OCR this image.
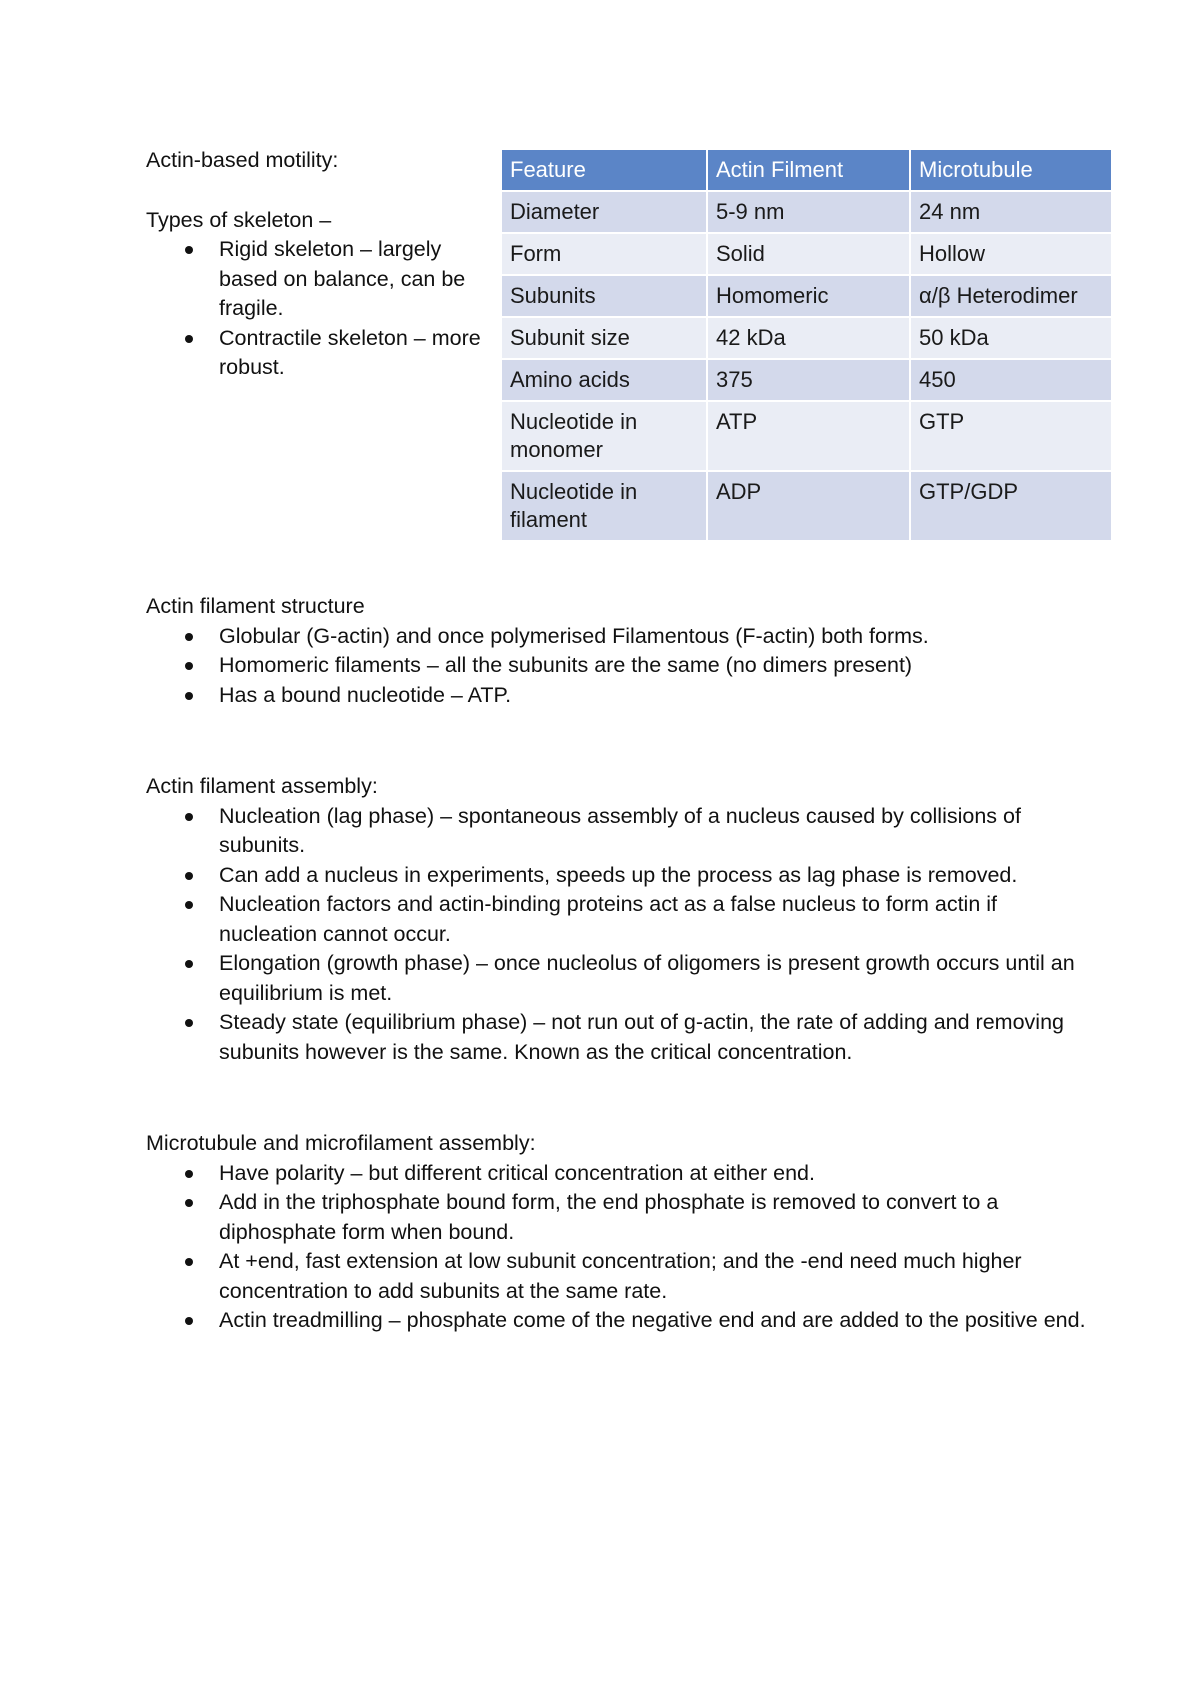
Actin-based motility:

Types of skeleton –

Rigid skeleton – largely based on balance, can be fragile.
Contractile skeleton – more robust.
Feature	Actin Filment	Microtubule
Diameter	5-9 nm	24 nm
Form	Solid	Hollow
Subunits	Homomeric	α/β Heterodimer
Subunit size	42 kDa	50 kDa
Amino acids	375	450
Nucleotide in monomer	ATP	GTP
Nucleotide in filament	ADP	GTP/GDP

Actin filament structure

Globular (G-actin) and once polymerised Filamentous (F-actin) both forms.
Homomeric filaments – all the subunits are the same (no dimers present)
Has a bound nucleotide – ATP.

Actin filament assembly:

Nucleation (lag phase) – spontaneous assembly of a nucleus caused by collisions of subunits.
Can add a nucleus in experiments, speeds up the process as lag phase is removed.
Nucleation factors and actin-binding proteins act as a false nucleus to form actin if nucleation cannot occur.
Elongation (growth phase) – once nucleolus of oligomers is present growth occurs until an equilibrium is met.
Steady state (equilibrium phase) – not run out of g-actin, the rate of adding and removing subunits however is the same. Known as the critical concentration.

Microtubule and microfilament assembly:

Have polarity – but different critical concentration at either end.
Add in the triphosphate bound form, the end phosphate is removed to convert to a diphosphate form when bound.
At +end, fast extension at low subunit concentration; and the -end need much higher concentration to add subunits at the same rate.
Actin treadmilling – phosphate come of the negative end and are added to the positive end.
